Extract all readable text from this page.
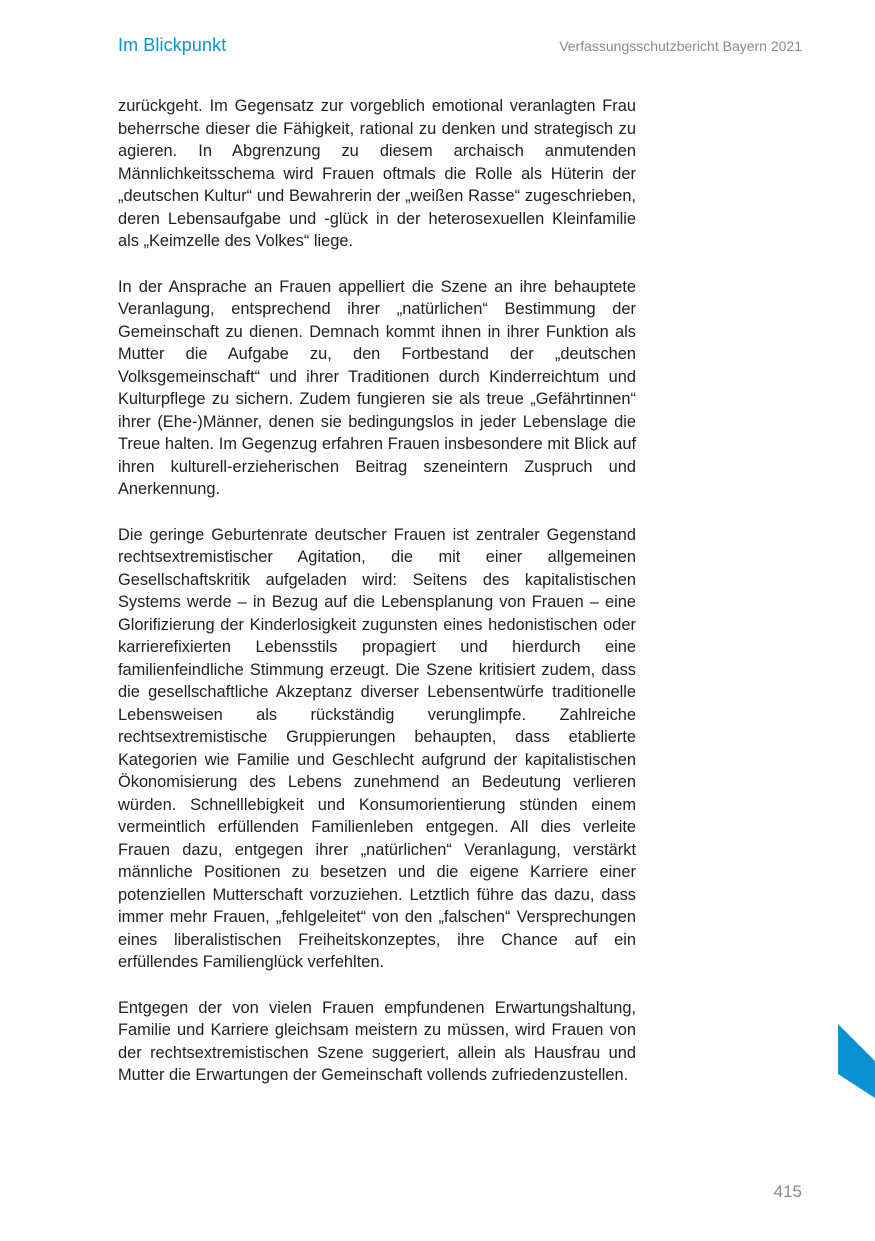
Im Blickpunkt	Verfassungsschutzbericht Bayern 2021

zurückgeht. Im Gegensatz zur vorgeblich emotional veranlagten Frau beherrsche dieser die Fähigkeit, rational zu denken und strategisch zu agieren. In Abgrenzung zu diesem archaisch anmutenden Männlichkeitsschema wird Frauen oftmals die Rolle als Hüterin der „deutschen Kultur“ und Bewahrerin der „weißen Rasse“ zugeschrieben, deren Lebensaufgabe und -glück in der heterosexuellen Kleinfamilie als „Keimzelle des Volkes“ liege.

In der Ansprache an Frauen appelliert die Szene an ihre behauptete Veranlagung, entsprechend ihrer „natürlichen“ Bestimmung der Gemeinschaft zu dienen. Demnach kommt ihnen in ihrer Funktion als Mutter die Aufgabe zu, den Fortbestand der „deutschen Volksgemeinschaft“ und ihrer Traditionen durch Kinderreichtum und Kulturpflege zu sichern. Zudem fungieren sie als treue „Gefährtinnen“ ihrer (Ehe-)Männer, denen sie bedingungslos in jeder Lebenslage die Treue halten. Im Gegenzug erfahren Frauen insbesondere mit Blick auf ihren kulturell-erzieherischen Beitrag szeneintern Zuspruch und Anerkennung.

Die geringe Geburtenrate deutscher Frauen ist zentraler Gegenstand rechtsextremistischer Agitation, die mit einer allgemeinen Gesellschaftskritik aufgeladen wird: Seitens des kapitalistischen Systems werde – in Bezug auf die Lebensplanung von Frauen – eine Glorifizierung der Kinderlosigkeit zugunsten eines hedonistischen oder karrierefixierten Lebensstils propagiert und hierdurch eine familienfeindliche Stimmung erzeugt. Die Szene kritisiert zudem, dass die gesellschaftliche Akzeptanz diverser Lebensentwürfe traditionelle Lebensweisen als rückständig verunglimpfe. Zahlreiche rechtsextremistische Gruppierungen behaupten, dass etablierte Kategorien wie Familie und Geschlecht aufgrund der kapitalistischen Ökonomisierung des Lebens zunehmend an Bedeutung verlieren würden. Schnelllebigkeit und Konsumorientierung stünden einem vermeintlich erfüllenden Familienleben entgegen. All dies verleite Frauen dazu, entgegen ihrer „natürlichen“ Veranlagung, verstärkt männliche Positionen zu besetzen und die eigene Karriere einer potenziellen Mutterschaft vorzuziehen. Letztlich führe das dazu, dass immer mehr Frauen, „fehlgeleitet“ von den „falschen“ Versprechungen eines liberalistischen Freiheitskonzeptes, ihre Chance auf ein erfüllendes Familienglück verfehlten.

Entgegen der von vielen Frauen empfundenen Erwartungshaltung, Familie und Karriere gleichsam meistern zu müssen, wird Frauen von der rechtsextremistischen Szene suggeriert, allein als Hausfrau und Mutter die Erwartungen der Gemeinschaft vollends zufriedenzustellen.

415
